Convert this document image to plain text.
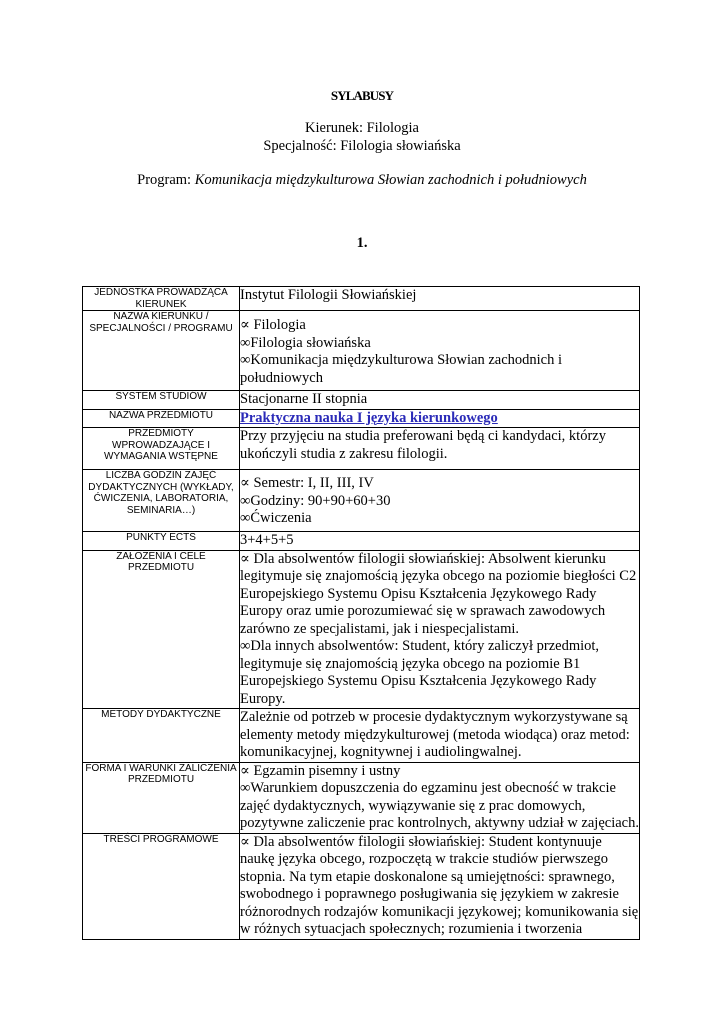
SYLABUSY
Kierunek: Filologia
Specjalność: Filologia słowiańska
Program: Komunikacja międzykulturowa Słowian zachodnich i południowych
1.
JEDNOSTKA PROWADZĄCA KIERUNEK	Instytut Filologii Słowiańskiej
NAZWA KIERUNKU / SPECJALNOŚCI / PROGRAMU	∝ Filologia
∞Filologia słowiańska
∞Komunikacja międzykulturowa Słowian zachodnich i południowych

SYSTEM STUDIÓW	Stacjonarne II stopnia
NAZWA PRZEDMIOTU	Praktyczna nauka I języka kierunkowego
PRZEDMIOTY WPROWADZAJĄCE I WYMAGANIA WSTĘPNE	Przy przyjęciu na studia preferowani będą ci kandydaci, którzy ukończyli studia z zakresu filologii.
LICZBA GODZIN ZAJĘĆ DYDAKTYCZNYCH (WYKŁADY, ĆWICZENIA, LABORATORIA, SEMINARIA…)	∝ Semestr: I, II, III, IV
∞Godziny: 90+90+60+30
∞Ćwiczenia

PUNKTY ECTS	3+4+5+5
ZAŁOŻENIA I CELE PRZEDMIOTU	∝ Dla absolwentów filologii słowiańskiej: Absolwent kierunku legitymuje się znajomością języka obcego na poziomie biegłości C2 Europejskiego Systemu Opisu Kształcenia Językowego Rady Europy oraz umie porozumiewać się w sprawach zawodowych zarówno ze specjalistami, jak i niespecjalistami.
∞Dla innych absolwentów: Student, który zaliczył przedmiot, legitymuje się znajomością języka obcego na poziomie B1 Europejskiego Systemu Opisu Kształcenia Językowego Rady Europy.

METODY DYDAKTYCZNE	Zależnie od potrzeb w procesie dydaktycznym wykorzystywane są elementy metody międzykulturowej (metoda wiodąca) oraz metod: komunikacyjnej, kognitywnej i audiolingwalnej.
FORMA I WARUNKI ZALICZENIA PRZEDMIOTU	∝ Egzamin pisemny i ustny
∞Warunkiem dopuszczenia do egzaminu jest obecność w trakcie zajęć dydaktycznych, wywiązywanie się z prac domowych, pozytywne zaliczenie prac kontrolnych, aktywny udział w zajęciach.

TREŚCI PROGRAMOWE	∝ Dla absolwentów filologii słowiańskiej: Student kontynuuje naukę języka obcego, rozpoczętą w trakcie studiów pierwszego stopnia. Na tym etapie doskonalone są umiejętności: sprawnego, swobodnego i poprawnego posługiwania się językiem w zakresie różnorodnych rodzajów komunikacji językowej; komunikowania się w różnych sytuacjach społecznych; rozumienia i tworzenia
